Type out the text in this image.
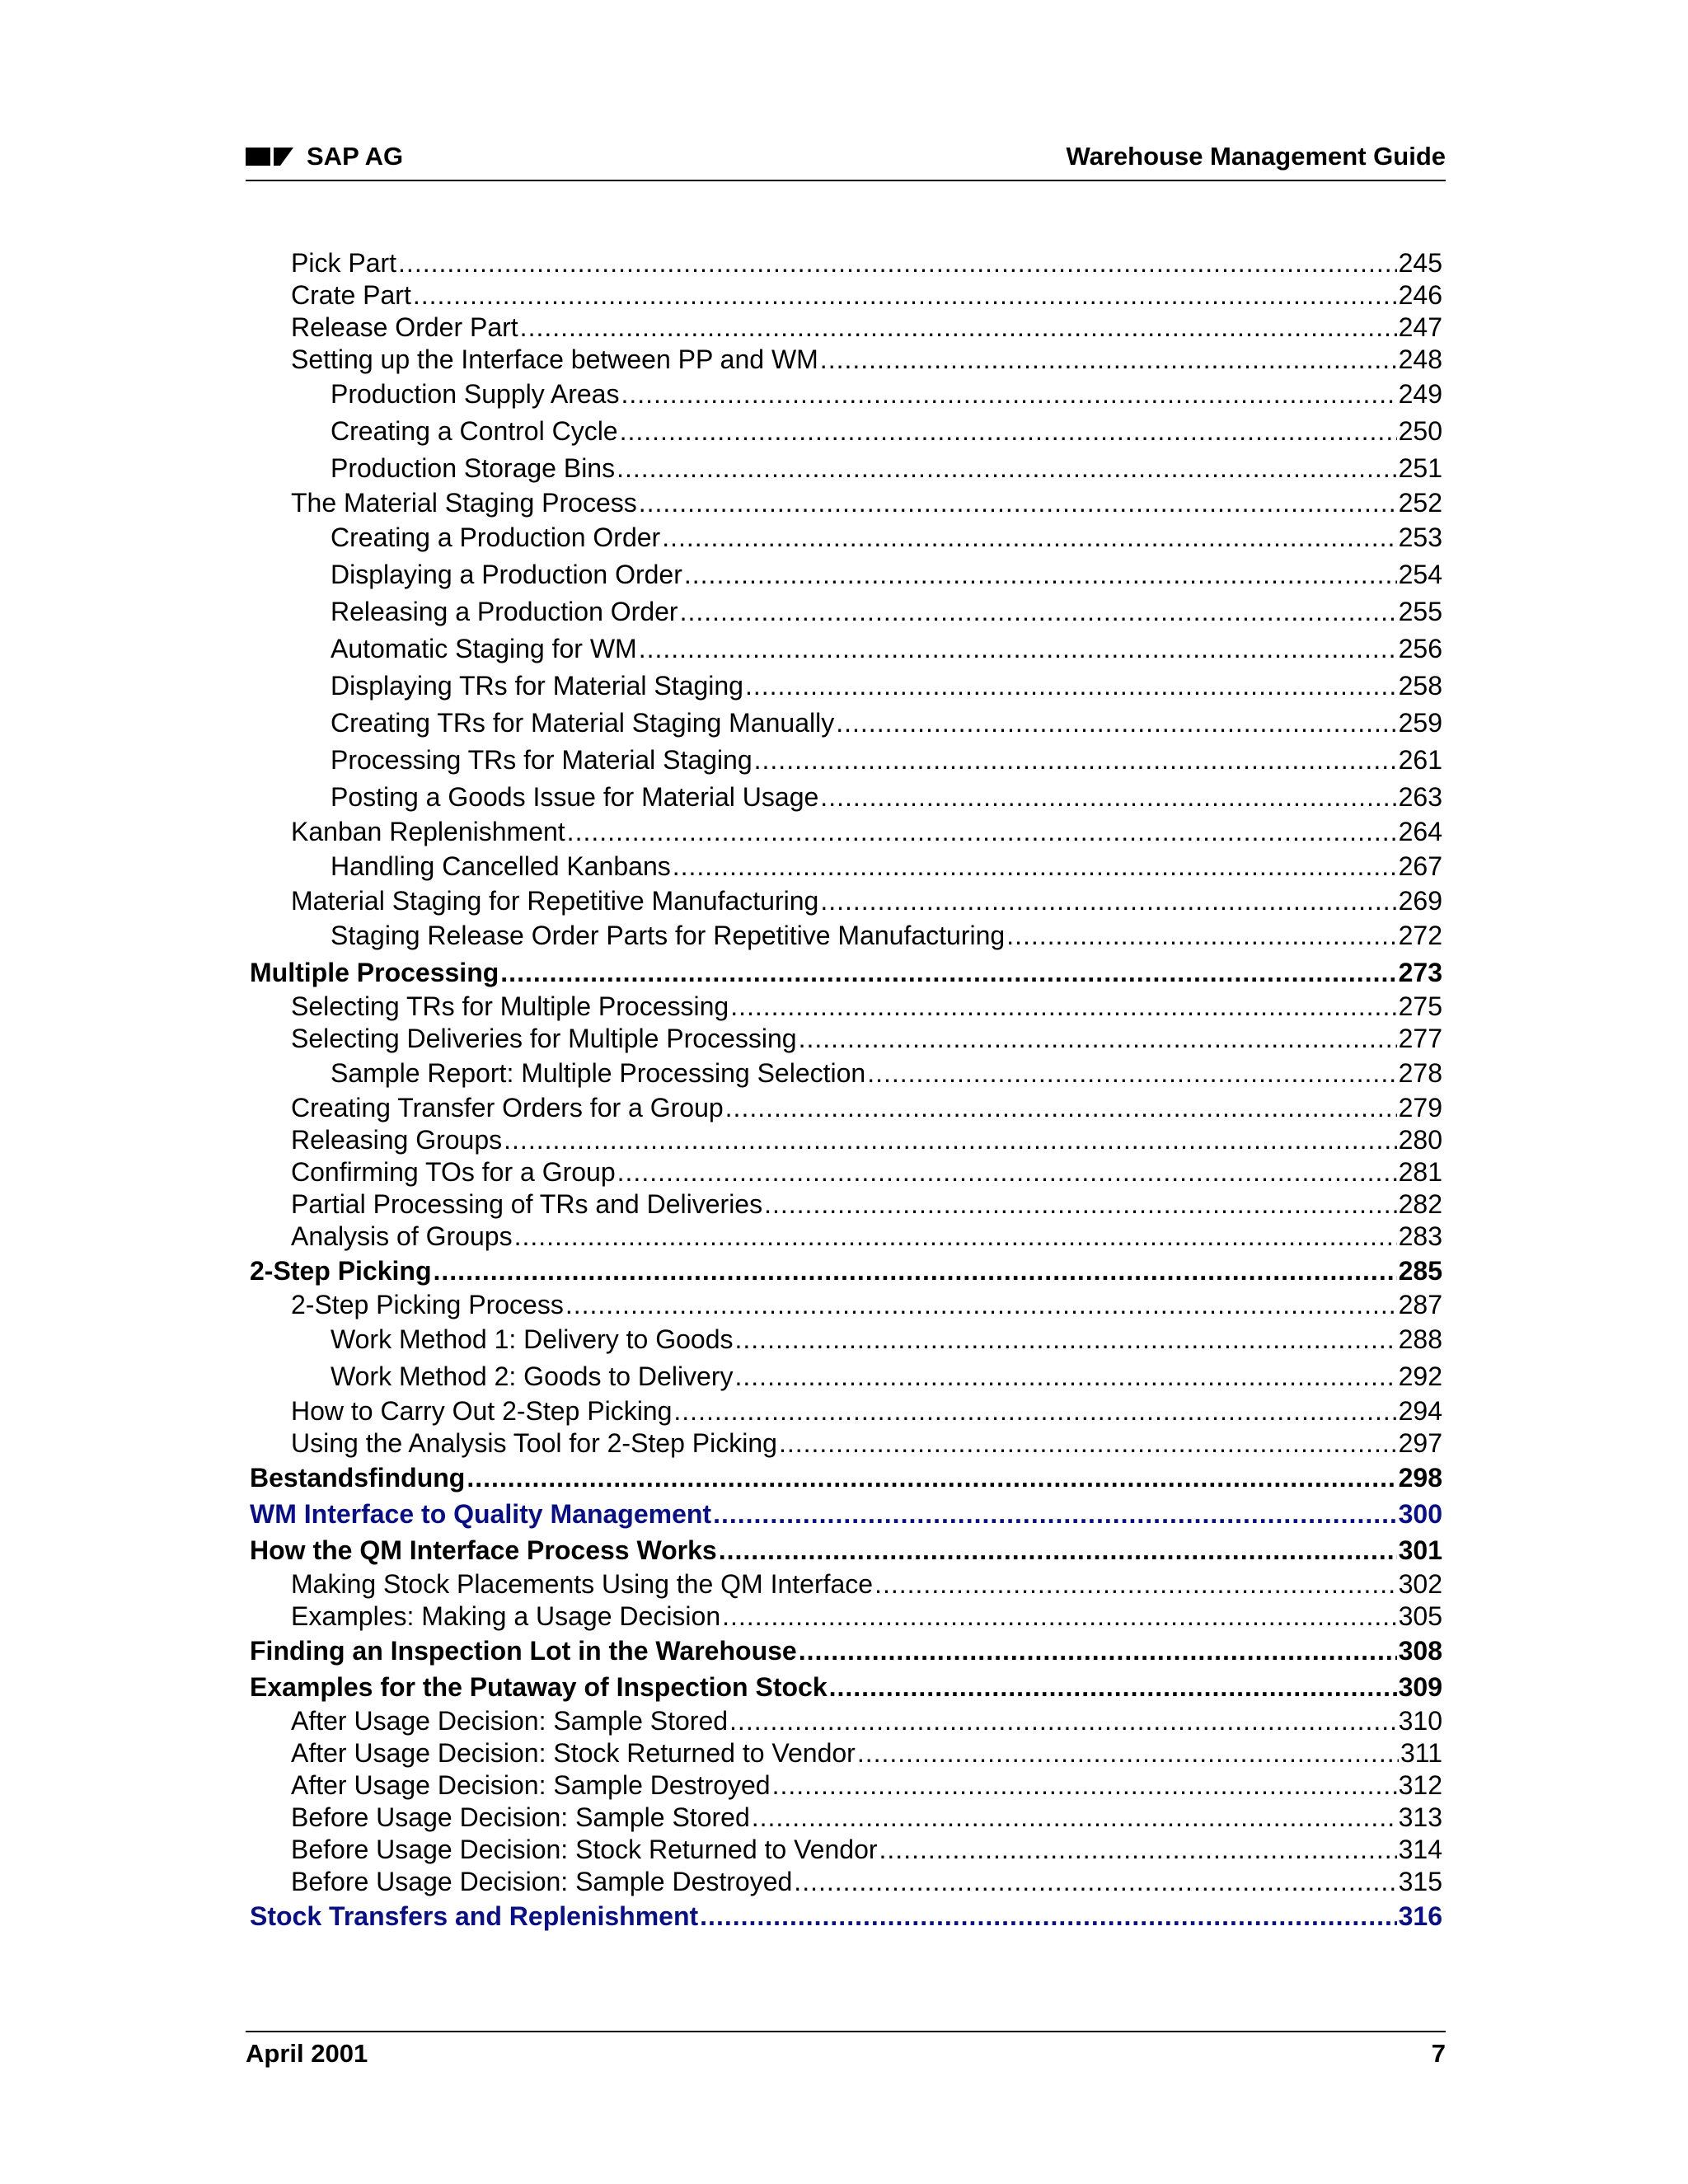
SAP AG	Warehouse Management Guide
Pick Part .....	245
Crate Part .....	246
Release Order Part .....	247
Setting up the Interface between PP and WM .....	248
Production Supply Areas .....	249
Creating a Control Cycle .....	250
Production Storage Bins .....	251
The Material Staging Process .....	252
Creating a Production Order .....	253
Displaying a Production Order .....	254
Releasing a Production Order .....	255
Automatic Staging for WM .....	256
Displaying TRs for Material Staging .....	258
Creating TRs for Material Staging Manually .....	259
Processing TRs for Material Staging .....	261
Posting a Goods Issue for Material Usage .....	263
Kanban Replenishment .....	264
Handling Cancelled Kanbans .....	267
Material Staging for Repetitive Manufacturing .....	269
Staging Release Order Parts for Repetitive Manufacturing .....	272
Multiple Processing .....	273
Selecting TRs for Multiple Processing .....	275
Selecting Deliveries for Multiple Processing .....	277
Sample Report: Multiple Processing Selection .....	278
Creating Transfer Orders for a Group .....	279
Releasing Groups .....	280
Confirming TOs for a Group .....	281
Partial Processing of TRs and Deliveries .....	282
Analysis of Groups .....	283
2-Step Picking .....	285
2-Step Picking Process .....	287
Work Method 1: Delivery to Goods .....	288
Work Method 2: Goods to Delivery .....	292
How to Carry Out 2-Step Picking .....	294
Using the Analysis Tool for 2-Step Picking .....	297
Bestandsfindung .....	298
WM Interface to Quality Management .....	300
How the QM Interface Process Works .....	301
Making Stock Placements Using the QM Interface .....	302
Examples: Making a Usage Decision .....	305
Finding an Inspection Lot in the Warehouse .....	308
Examples for the Putaway of Inspection Stock .....	309
After Usage Decision: Sample Stored .....	310
After Usage Decision: Stock Returned to Vendor .....	311
After Usage Decision: Sample Destroyed .....	312
Before Usage Decision: Sample Stored .....	313
Before Usage Decision: Stock Returned to Vendor .....	314
Before Usage Decision: Sample Destroyed .....	315
Stock Transfers and Replenishment .....	316
April 2001	7
